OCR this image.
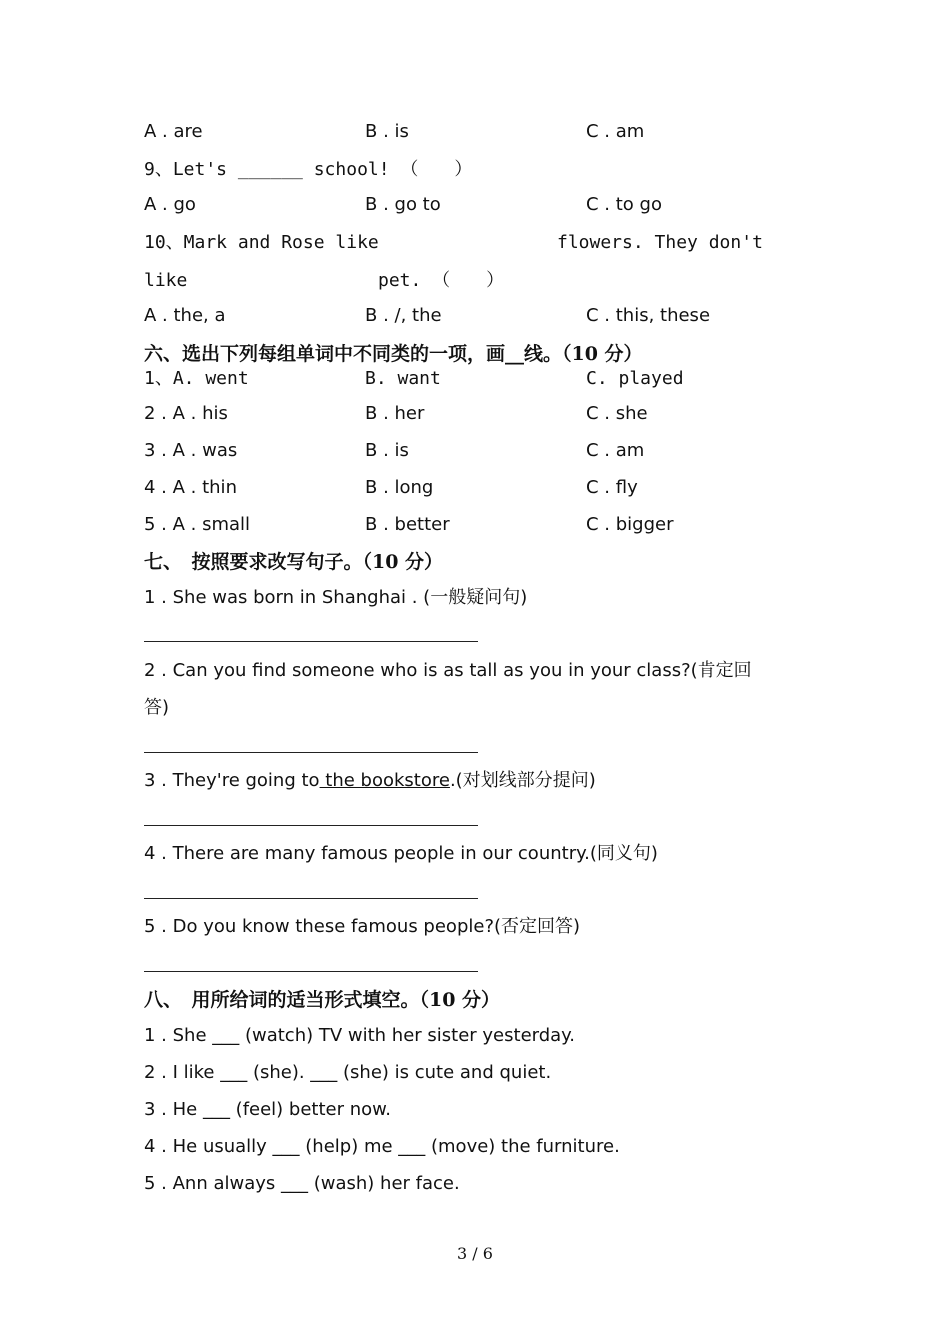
A . are	B . is	C . am
9、Let's ______ school! （　　）
A . go	B . go to	C . to go
10、Mark and Rose like	flowers. They don't
like	pet. （　　）
A . the, a	B . /, the	C . this, these
六、选出下列每组单词中不同类的一项，画__线。（10 分）
1、A. went	B. want	C. played
2 . A . his	B . her	C . she
3 . A . was	B . is	C . am
4 . A . thin	B . long	C . fly
5 . A . small	B . better	C . bigger
七、　按照要求改写句子。（10 分）
1 . She was born in Shanghai . (一般疑问句)
2 . Can you find someone who is as tall as you in your class?(肯定回
答)
3 . They're going to the bookstore.(对划线部分提问)
4 . There are many famous people in our country.(同义句)
5 . Do you know these famous people?(否定回答)
八、　用所给词的适当形式填空。（10 分）
1 . She ___ (watch) TV with her sister yesterday.
2 . I like ___ (she). ___ (she) is cute and quiet.
3 . He ___ (feel) better now.
4 . He usually ___ (help) me ___ (move) the furniture.
5 . Ann always ___ (wash) her face.
3 / 6
